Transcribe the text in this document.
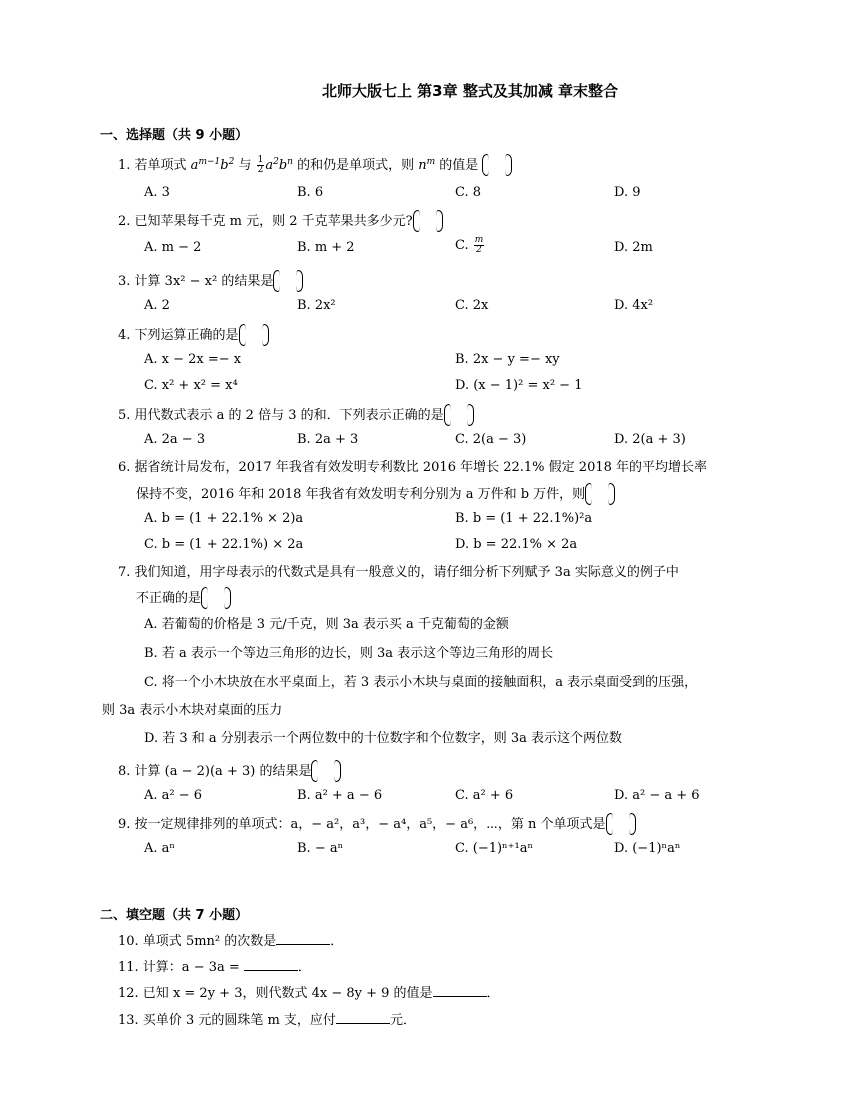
北师大版七上 第3章 整式及其加减 章末整合
一、选择题（共 9 小题）
1. 若单项式 $a^{m-1}b^2$ 与 $\frac{1}{2} a^2b^n$ 的和仍是单项式，则 $n^m$ 的值是
A. 3	B. 6	C. 8	D. 9
2. 已知苹果每千克 m 元，则 2 千克苹果共多少元?
A. m − 2	B. m + 2	C. $\frac{m}{2}$	D. 2m
3. 计算 3x² − x² 的结果是
A. 2	B. 2x²	C. 2x	D. 4x²
4. 下列运算正确的是
A. x − 2x =− x	B. 2x − y =− xy
C. x² + x² = x⁴	D. (x − 1)² = x² − 1
5. 用代数式表示 a 的 2 倍与 3 的和．下列表示正确的是
A. 2a − 3	B. 2a + 3	C. 2(a − 3)	D. 2(a + 3)
6. 据省统计局发布，2017 年我省有效发明专利数比 2016 年增长 22.1% 假定 2018 年的平均增长率
保持不变，2016 年和 2018 年我省有效发明专利分别为 a 万件和 b 万件，则
A. b = (1 + 22.1% × 2)a	B. b = (1 + 22.1%)²a
C. b = (1 + 22.1%) × 2a	D. b = 22.1% × 2a
7. 我们知道，用字母表示的代数式是具有一般意义的，请仔细分析下列赋予 3a 实际意义的例子中
不正确的是
A. 若葡萄的价格是 3 元/千克，则 3a 表示买 a 千克葡萄的金额
B. 若 a 表示一个等边三角形的边长，则 3a 表示这个等边三角形的周长
C. 将一个小木块放在水平桌面上，若 3 表示小木块与桌面的接触面积，a 表示桌面受到的压强，
则 3a 表示小木块对桌面的压力
D. 若 3 和 a 分别表示一个两位数中的十位数字和个位数字，则 3a 表示这个两位数
8. 计算 (a − 2)(a + 3) 的结果是
A. a² − 6	B. a² + a − 6	C. a² + 6	D. a² − a + 6
9. 按一定规律排列的单项式：a，− a²，a³，− a⁴，a⁵，− a⁶，⋯，第 n 个单项式是
A. aⁿ	B. − aⁿ	C. (−1)ⁿ⁺¹aⁿ	D. (−1)ⁿaⁿ
二、填空题（共 7 小题）
10. 单项式 5mn² 的次数是	．
11. 计算：a − 3a =	．
12. 已知 x = 2y + 3，则代数式 4x − 8y + 9 的值是	．
13. 买单价 3 元的圆珠笔 m 支，应付	元．
